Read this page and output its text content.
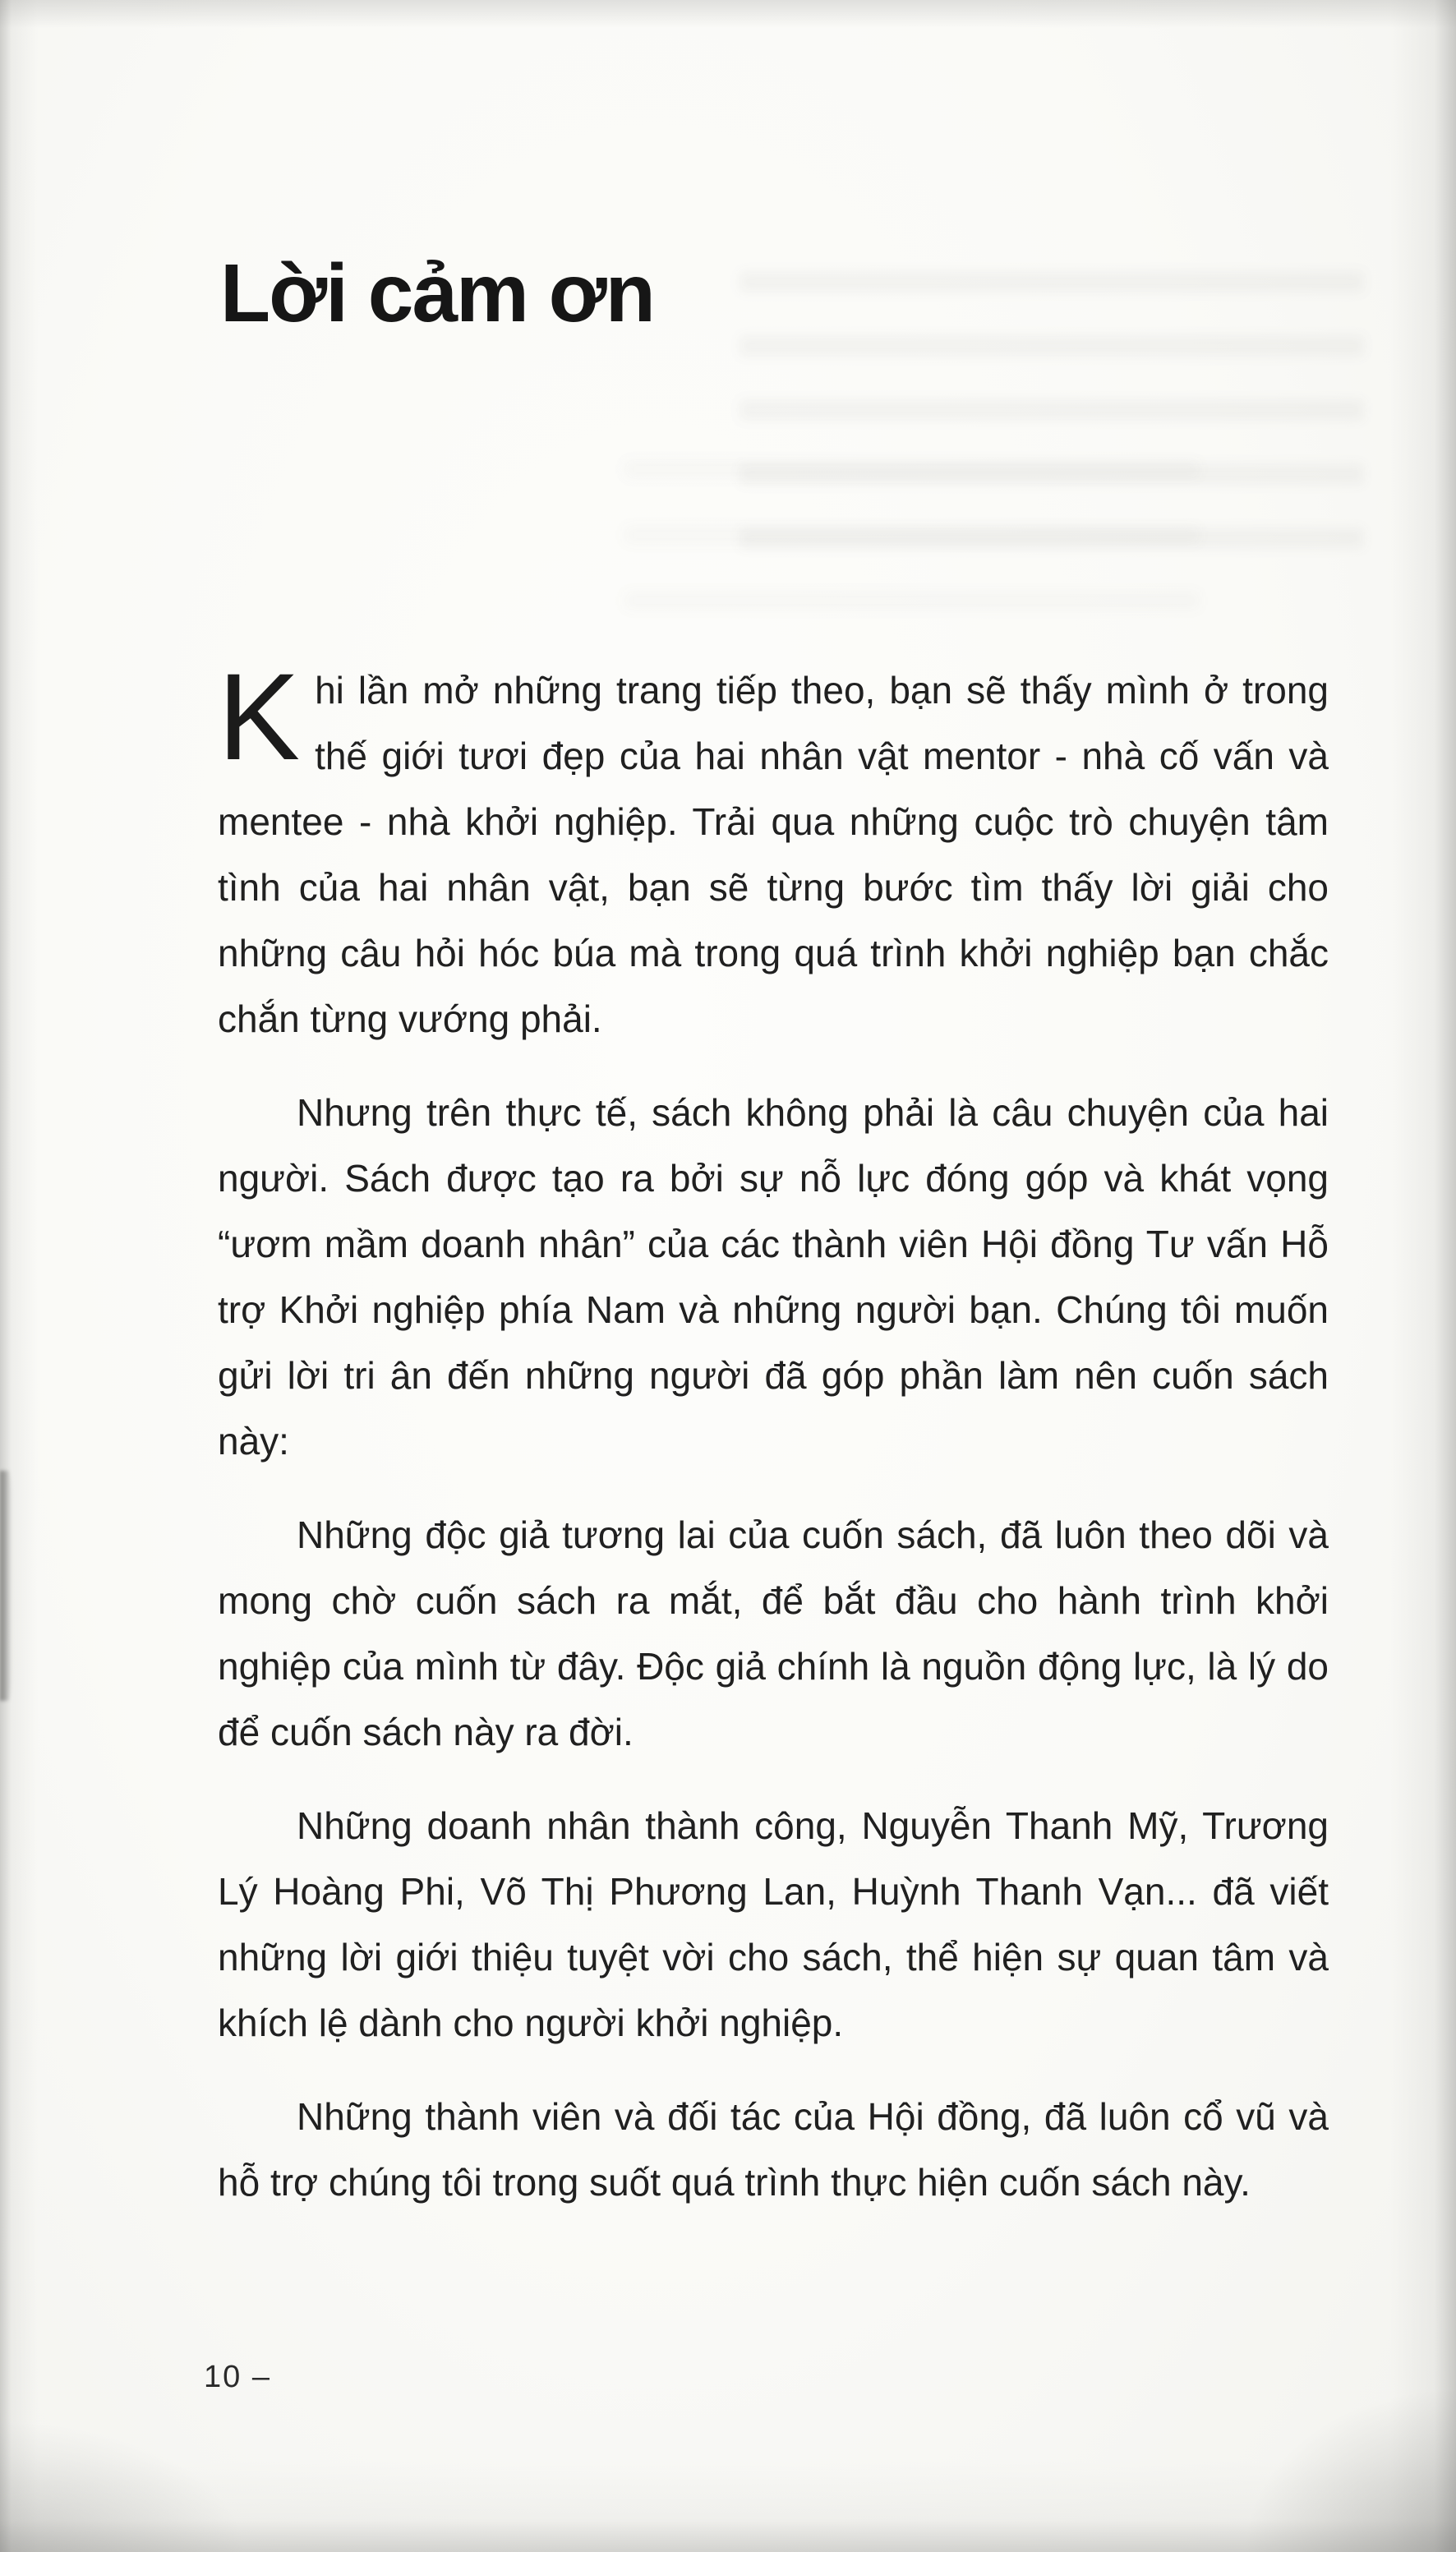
Lời cảm ơn

Khi lần mở những trang tiếp theo, bạn sẽ thấy mình ở trong thế giới tươi đẹp của hai nhân vật mentor - nhà cố vấn và mentee - nhà khởi nghiệp. Trải qua những cuộc trò chuyện tâm tình của hai nhân vật, bạn sẽ từng bước tìm thấy lời giải cho những câu hỏi hóc búa mà trong quá trình khởi nghiệp bạn chắc chắn từng vướng phải.

Nhưng trên thực tế, sách không phải là câu chuyện của hai người. Sách được tạo ra bởi sự nỗ lực đóng góp và khát vọng “ươm mầm doanh nhân” của các thành viên Hội đồng Tư vấn Hỗ trợ Khởi nghiệp phía Nam và những người bạn. Chúng tôi muốn gửi lời tri ân đến những người đã góp phần làm nên cuốn sách này:

Những độc giả tương lai của cuốn sách, đã luôn theo dõi và mong chờ cuốn sách ra mắt, để bắt đầu cho hành trình khởi nghiệp của mình từ đây. Độc giả chính là nguồn động lực, là lý do để cuốn sách này ra đời.

Những doanh nhân thành công, Nguyễn Thanh Mỹ, Trương Lý Hoàng Phi, Võ Thị Phương Lan, Huỳnh Thanh Vạn... đã viết những lời giới thiệu tuyệt vời cho sách, thể hiện sự quan tâm và khích lệ dành cho người khởi nghiệp.

Những thành viên và đối tác của Hội đồng, đã luôn cổ vũ và hỗ trợ chúng tôi trong suốt quá trình thực hiện cuốn sách này.

10 –
